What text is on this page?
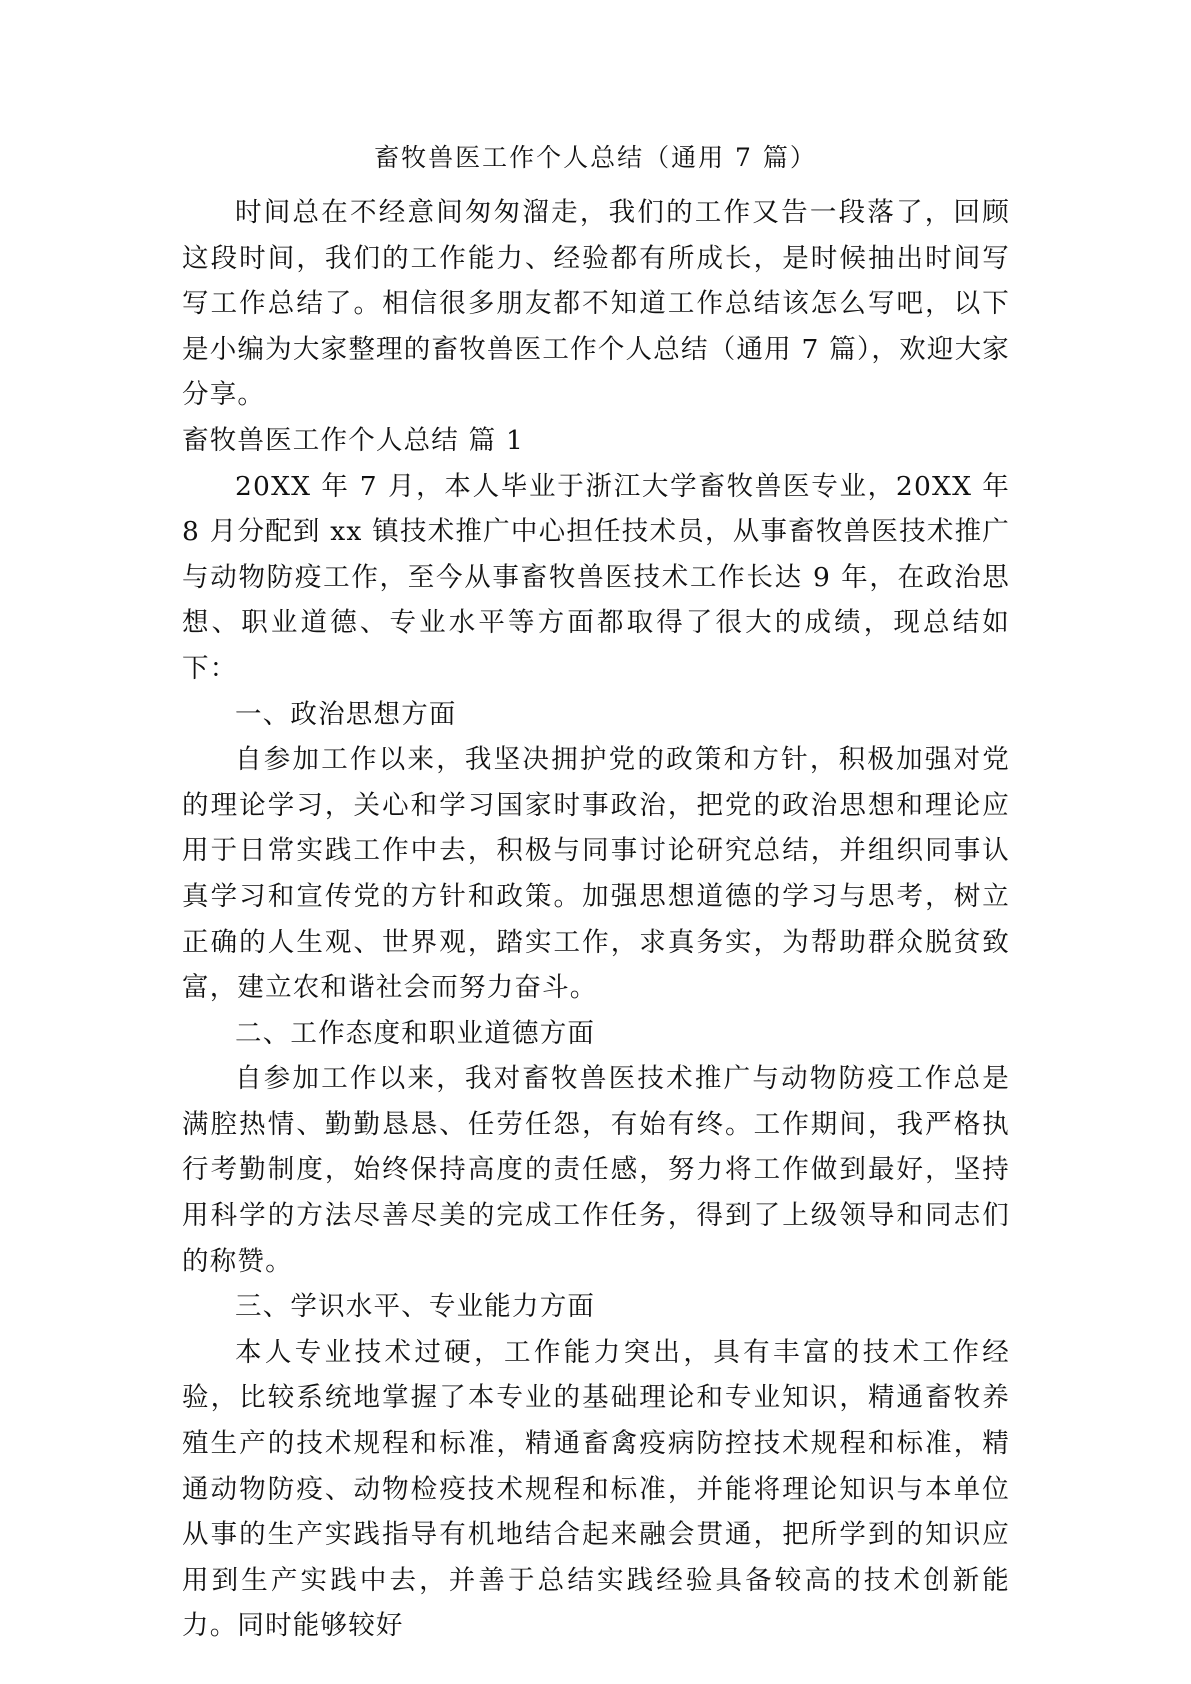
畜牧兽医工作个人总结（通用 7 篇）

时间总在不经意间匆匆溜走，我们的工作又告一段落了，回顾这段时间，我们的工作能力、经验都有所成长，是时候抽出时间写写工作总结了。相信很多朋友都不知道工作总结该怎么写吧，以下是小编为大家整理的畜牧兽医工作个人总结（通用 7 篇），欢迎大家分享。

畜牧兽医工作个人总结 篇 1

20XX 年 7 月，本人毕业于浙江大学畜牧兽医专业，20XX 年 8 月分配到 xx 镇技术推广中心担任技术员，从事畜牧兽医技术推广与动物防疫工作，至今从事畜牧兽医技术工作长达 9 年，在政治思想、职业道德、专业水平等方面都取得了很大的成绩，现总结如下：

一、政治思想方面

自参加工作以来，我坚决拥护党的政策和方针，积极加强对党的理论学习，关心和学习国家时事政治，把党的政治思想和理论应用于日常实践工作中去，积极与同事讨论研究总结，并组织同事认真学习和宣传党的方针和政策。加强思想道德的学习与思考，树立正确的人生观、世界观，踏实工作，求真务实，为帮助群众脱贫致富，建立农和谐社会而努力奋斗。

二、工作态度和职业道德方面

自参加工作以来，我对畜牧兽医技术推广与动物防疫工作总是满腔热情、勤勤恳恳、任劳任怨，有始有终。工作期间，我严格执行考勤制度，始终保持高度的责任感，努力将工作做到最好，坚持用科学的方法尽善尽美的完成工作任务，得到了上级领导和同志们的称赞。

三、学识水平、专业能力方面

本人专业技术过硬，工作能力突出，具有丰富的技术工作经验，比较系统地掌握了本专业的基础理论和专业知识，精通畜牧养殖生产的技术规程和标准，精通畜禽疫病防控技术规程和标准，精通动物防疫、动物检疫技术规程和标准，并能将理论知识与本单位从事的生产实践指导有机地结合起来融会贯通，把所学到的知识应用到生产实践中去，并善于总结实践经验具备较高的技术创新能力。同时能够较好
